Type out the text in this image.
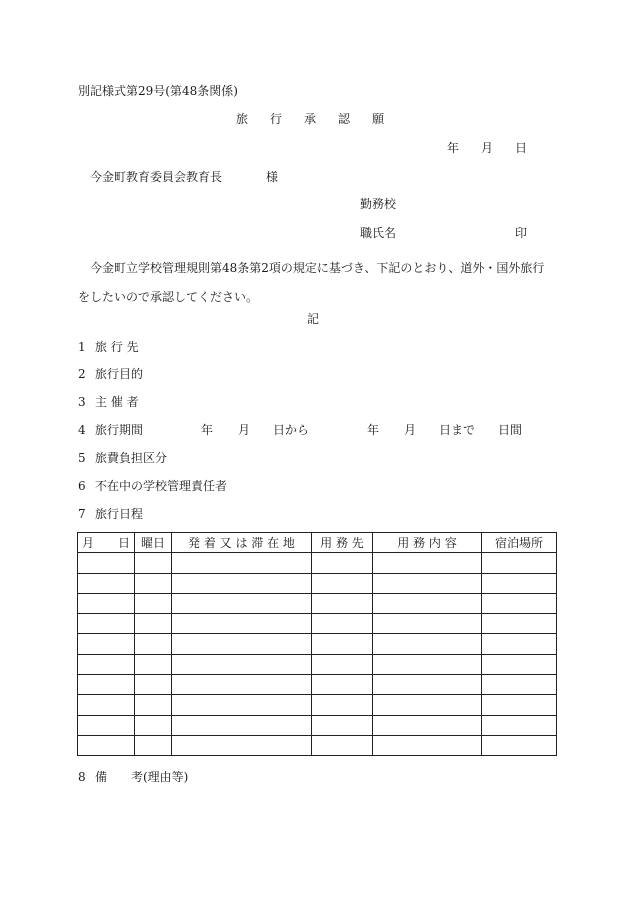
別記様式第29号(第48条関係)
旅 行 承 認 願
年 月 日
今金町教育委員会教育長	様
勤務校
職氏名	印
今金町立学校管理規則第48条第2項の規定に基づき、下記のとおり、道外・国外旅行をしたいので承認してください。
記
1 旅 行 先
2 旅行目的
3 主 催 者
4 旅行期間	年 月 日から	年 月 日まで 日間
5 旅費負担区分
6 不在中の学校管理責任者
7 旅行日程
月　　日	曜日	発 着 又 は 滞 在 地	用 務 先	用 務 内 容	宿泊場所

8 備　　考(理由等)
